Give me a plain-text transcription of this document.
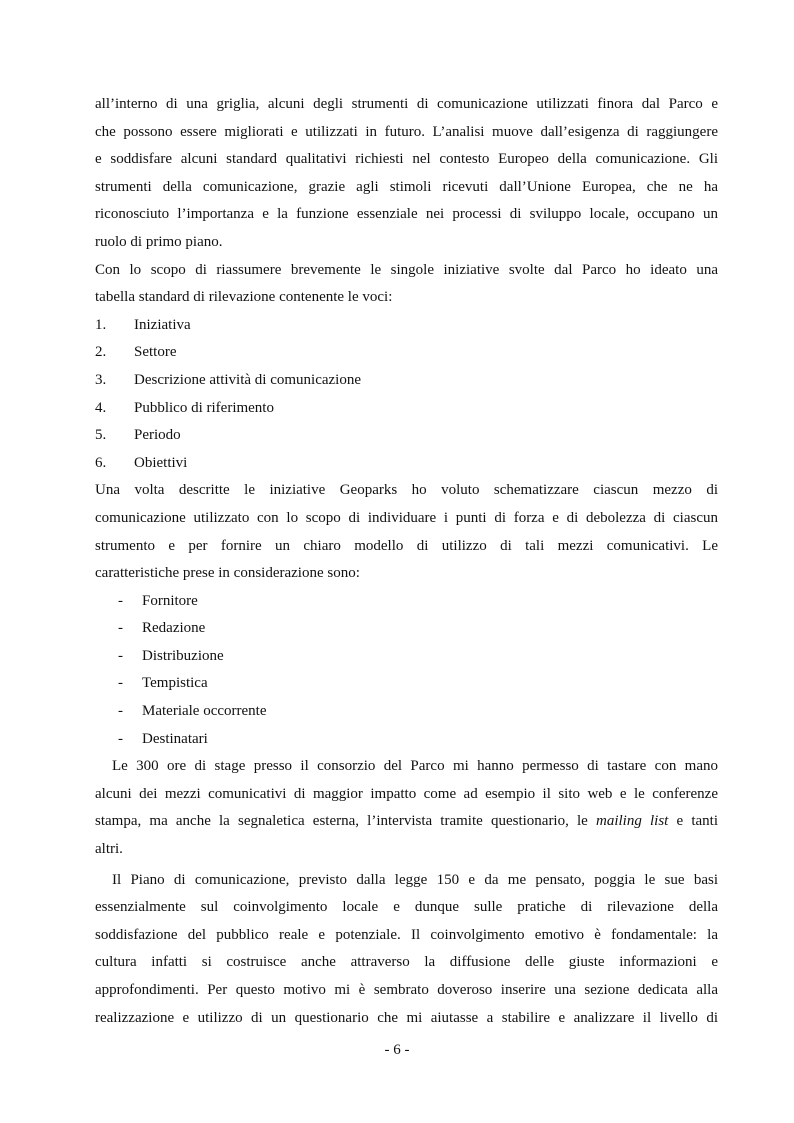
all’interno di una griglia, alcuni degli strumenti di comunicazione utilizzati finora dal Parco e
che possono essere migliorati e utilizzati in futuro. L’analisi muove dall’esigenza di raggiungere
e soddisfare alcuni standard qualitativi richiesti nel contesto Europeo della comunicazione. Gli
strumenti della comunicazione, grazie agli stimoli ricevuti dall’Unione Europea, che ne ha
riconosciuto l’importanza e la funzione essenziale nei processi di sviluppo locale, occupano un
ruolo di primo piano.
Con lo scopo di riassumere brevemente le singole iniziative svolte dal Parco ho ideato una
tabella standard di rilevazione contenente le voci:
1.	Iniziativa
2.	Settore
3.	Descrizione attività di comunicazione
4.	Pubblico di riferimento
5.	Periodo
6.	Obiettivi
Una volta descritte le iniziative Geoparks ho voluto schematizzare ciascun mezzo di
comunicazione utilizzato con lo scopo di individuare i punti di forza e di debolezza di ciascun
strumento e per fornire un chiaro modello di utilizzo di tali mezzi comunicativi. Le
caratteristiche prese in considerazione sono:
-	Fornitore
-	Redazione
-	Distribuzione
-	Tempistica
-	Materiale occorrente
-	Destinatari
Le 300 ore di stage presso il consorzio del Parco mi hanno permesso di tastare con mano
alcuni dei mezzi comunicativi di maggior impatto come ad esempio il sito web e le conferenze
stampa, ma anche la segnaletica esterna, l’intervista tramite questionario, le mailing list e tanti
altri.
Il Piano di comunicazione, previsto dalla legge 150 e da me pensato, poggia le sue basi
essenzialmente sul coinvolgimento locale e dunque sulle pratiche di rilevazione della
soddisfazione del pubblico reale e potenziale. Il coinvolgimento emotivo è fondamentale: la
cultura infatti si costruisce anche attraverso la diffusione delle giuste informazioni e
approfondimenti. Per questo motivo mi è sembrato doveroso inserire una sezione dedicata alla
realizzazione e utilizzo di un questionario che mi aiutasse a stabilire e analizzare il livello di
- 6 -
